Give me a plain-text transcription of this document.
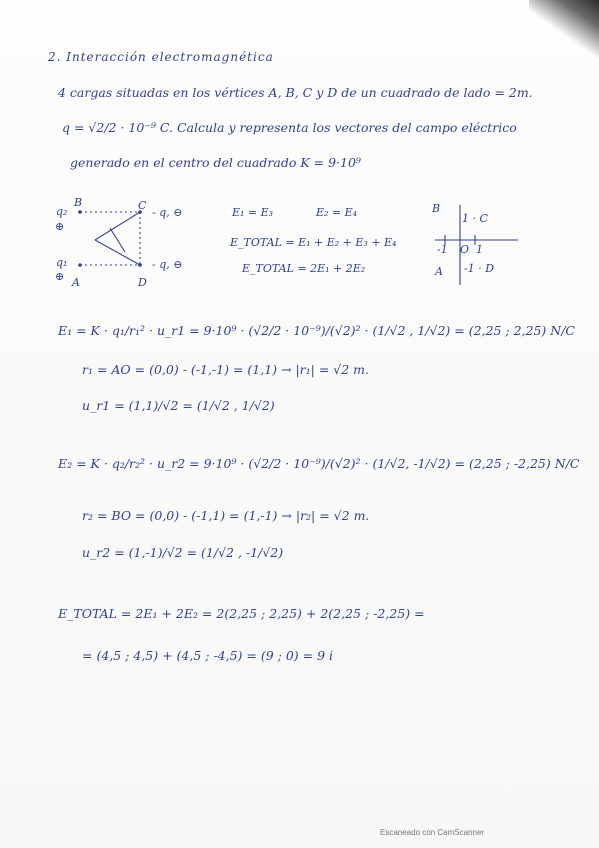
2. Interacción electromagnética
4 cargas situadas en los vértices A, B, C y D de un cuadrado de lado = 2m.
q = √2/2 · 10⁻⁹ C. Calcula y representa los vectores del campo eléctrico
generado en el centro del cuadrado K = 9·10⁹
B	C
q₂
⊕
q₁
⊕ A	D
- q, ⊖
- q, ⊖
E₁ = E₃	E₂ = E₄
E_TOTAL = E₁ + E₂ + E₃ + E₄
E_TOTAL = 2E₁ + 2E₂
B
1 · C
-1 O 1
A -1 · D
E₁ = K · q₁/r₁² · u_r1 = 9·10⁹ · (√2/2 · 10⁻⁹)/(√2)² · (1/√2 , 1/√2) = (2,25 ; 2,25) N/C
r₁ = AO = (0,0) - (-1,-1) = (1,1) → |r₁| = √2 m.
u_r1 = (1,1)/√2 = (1/√2 , 1/√2)
E₂ = K · q₂/r₂² · u_r2 = 9·10⁹ · (√2/2 · 10⁻⁹)/(√2)² · (1/√2, -1/√2) = (2,25 ; -2,25) N/C
r₂ = BO = (0,0) - (-1,1) = (1,-1) → |r₂| = √2 m.
u_r2 = (1,-1)/√2 = (1/√2 , -1/√2)
E_TOTAL = 2E₁ + 2E₂ = 2(2,25 ; 2,25) + 2(2,25 ; -2,25) =
= (4,5 ; 4,5) + (4,5 ; -4,5) = (9 ; 0) = 9 i
Escaneado con CamScanner
